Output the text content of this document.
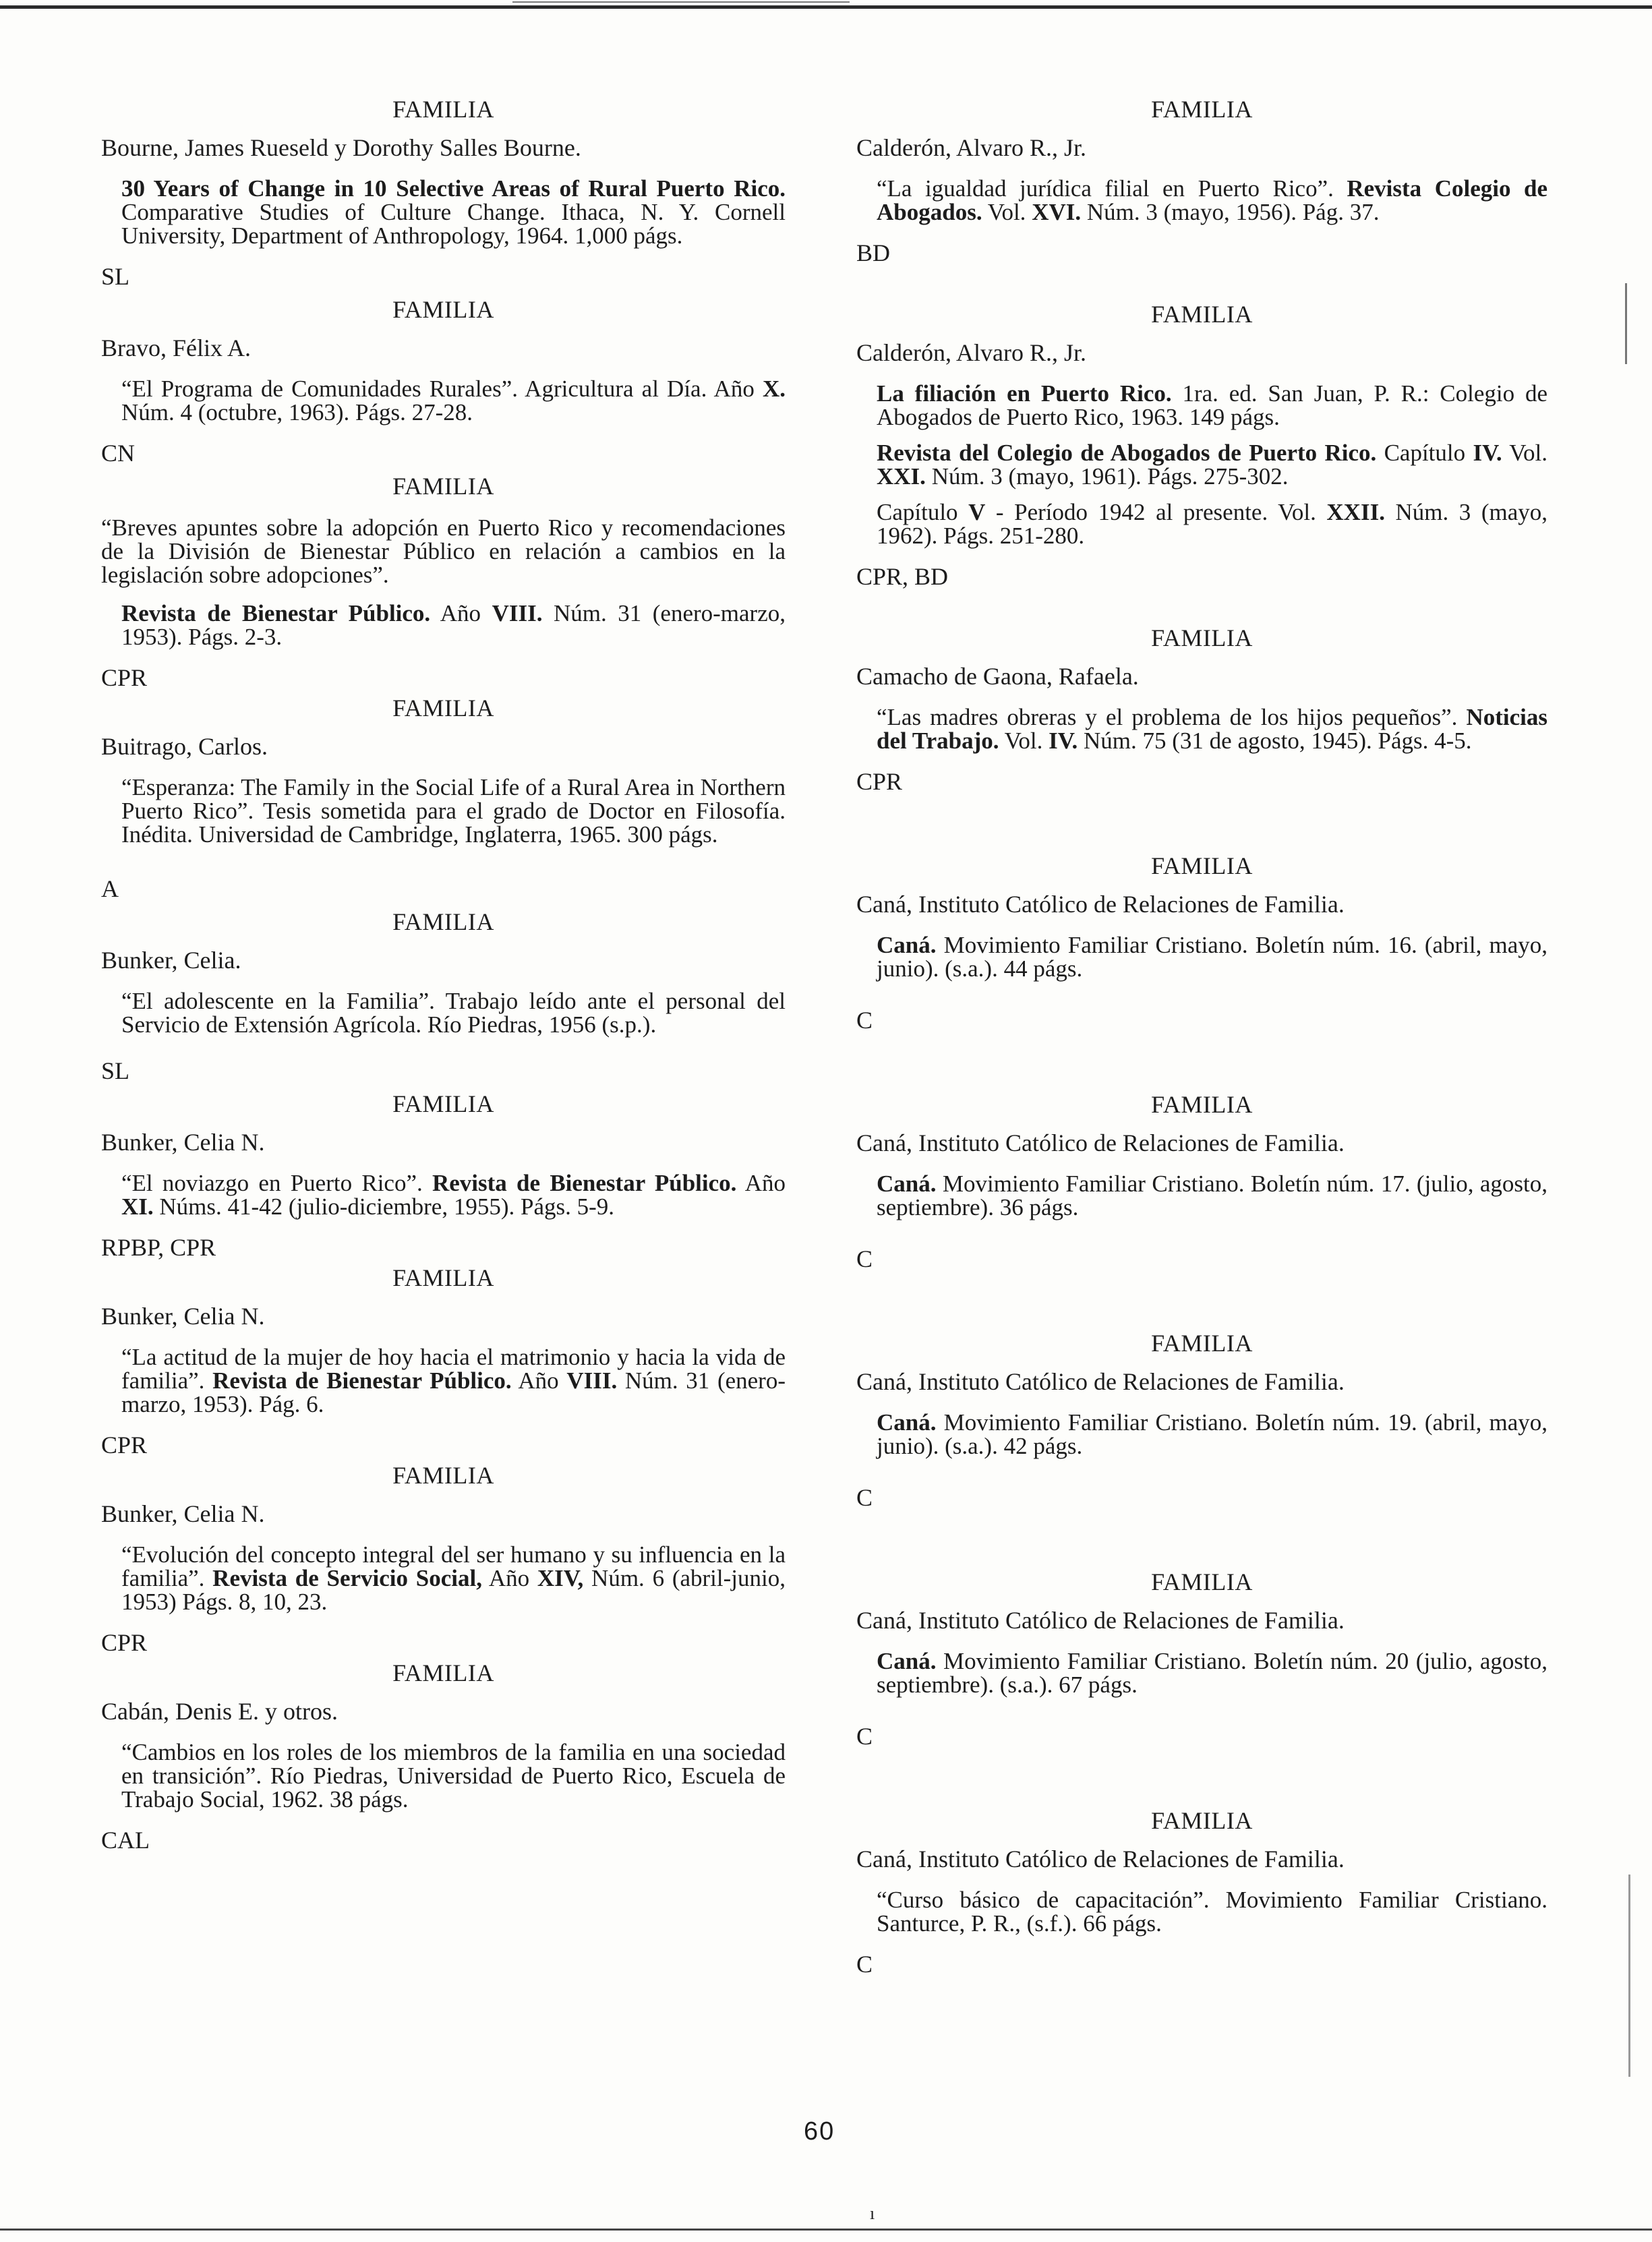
FAMILIA
Bourne, James Rueseld y Dorothy Salles Bourne.
30 Years of Change in 10 Selective Areas of Rural Puerto Rico. Comparative Studies of Culture Change. Ithaca, N. Y. Cornell University, Department of Anthropology, 1964. 1,000 págs.
SL
FAMILIA
Bravo, Félix A.
“El Programa de Comunidades Rurales”. Agricultura al Día. Año X. Núm. 4 (octubre, 1963). Págs. 27-28.
CN
FAMILIA
“Breves apuntes sobre la adopción en Puerto Rico y recomendaciones de la División de Bienestar Público en relación a cambios en la legislación sobre adopciones”.
Revista de Bienestar Público. Año VIII. Núm. 31 (enero-marzo, 1953). Págs. 2-3.
CPR
FAMILIA
Buitrago, Carlos.
“Esperanza: The Family in the Social Life of a Rural Area in Northern Puerto Rico”. Tesis sometida para el grado de Doctor en Filosofía. Inédita. Universidad de Cambridge, Inglaterra, 1965. 300 págs.
A
FAMILIA
Bunker, Celia.
“El adolescente en la Familia”. Trabajo leído ante el personal del Servicio de Extensión Agrícola. Río Piedras, 1956 (s.p.).
SL
FAMILIA
Bunker, Celia N.
“El noviazgo en Puerto Rico”. Revista de Bienestar Público. Año XI. Núms. 41-42 (julio-diciembre, 1955). Págs. 5-9.
RPBP, CPR
FAMILIA
Bunker, Celia N.
“La actitud de la mujer de hoy hacia el matrimonio y hacia la vida de familia”. Revista de Bienestar Público. Año VIII. Núm. 31 (enero-marzo, 1953). Pág. 6.
CPR
FAMILIA
Bunker, Celia N.
“Evolución del concepto integral del ser humano y su influencia en la familia”. Revista de Servicio Social, Año XIV, Núm. 6 (abril-junio, 1953) Págs. 8, 10, 23.
CPR
FAMILIA
Cabán, Denis E. y otros.
“Cambios en los roles de los miembros de la familia en una sociedad en transición”. Río Piedras, Universidad de Puerto Rico, Escuela de Trabajo Social, 1962. 38 págs.
CAL
FAMILIA
Calderón, Alvaro R., Jr.
“La igualdad jurídica filial en Puerto Rico”. Revista Colegio de Abogados. Vol. XVI. Núm. 3 (mayo, 1956). Pág. 37.
BD
FAMILIA
Calderón, Alvaro R., Jr.
La filiación en Puerto Rico. 1ra. ed. San Juan, P. R.: Colegio de Abogados de Puerto Rico, 1963. 149 págs.
Revista del Colegio de Abogados de Puerto Rico. Capítulo IV. Vol. XXI. Núm. 3 (mayo, 1961). Págs. 275-302.
Capítulo V - Período 1942 al presente. Vol. XXII. Núm. 3 (mayo, 1962). Págs. 251-280.
CPR, BD
FAMILIA
Camacho de Gaona, Rafaela.
“Las madres obreras y el problema de los hijos pequeños”. Noticias del Trabajo. Vol. IV. Núm. 75 (31 de agosto, 1945). Págs. 4-5.
CPR
FAMILIA
Caná, Instituto Católico de Relaciones de Familia.
Caná. Movimiento Familiar Cristiano. Boletín núm. 16. (abril, mayo, junio). (s.a.). 44 págs.
C
FAMILIA
Caná, Instituto Católico de Relaciones de Familia.
Caná. Movimiento Familiar Cristiano. Boletín núm. 17. (julio, agosto, septiembre). 36 págs.
C
FAMILIA
Caná, Instituto Católico de Relaciones de Familia.
Caná. Movimiento Familiar Cristiano. Boletín núm. 19. (abril, mayo, junio). (s.a.). 42 págs.
C
FAMILIA
Caná, Instituto Católico de Relaciones de Familia.
Caná. Movimiento Familiar Cristiano. Boletín núm. 20 (julio, agosto, septiembre). (s.a.). 67 págs.
C
FAMILIA
Caná, Instituto Católico de Relaciones de Familia.
“Curso básico de capacitación”. Movimiento Familiar Cristiano. Santurce, P. R., (s.f.). 66 págs.
C
60
ı
